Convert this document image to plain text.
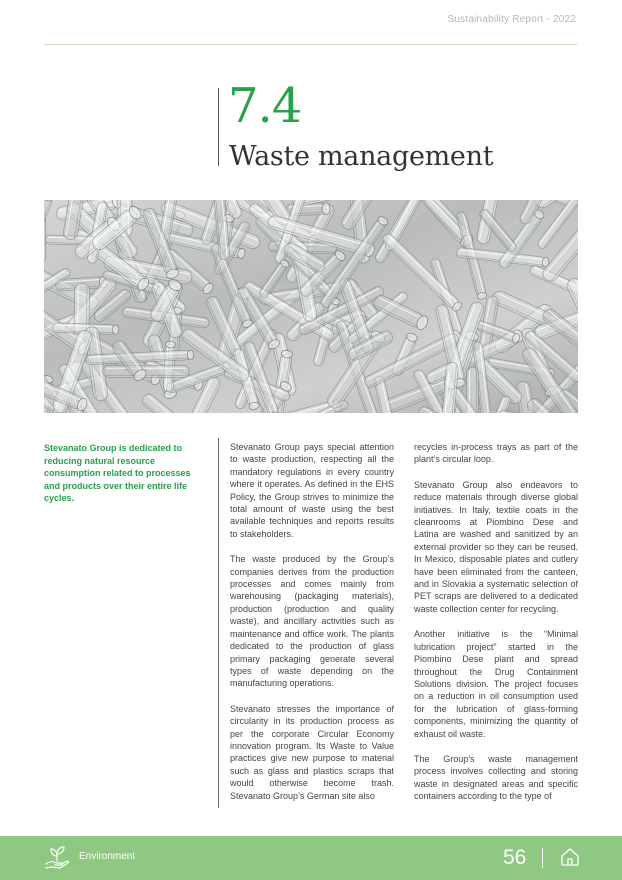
Sustainability Report - 2022
7.4
Waste management
Stevanato Group is dedicated to reducing natural resource consumption related to processes and products over their entire life cycles.

Stevanato Group pays special attention to waste production, respecting all the mandatory regulations in every country where it operates. As defined in the EHS Policy, the Group strives to minimize the total amount of waste using the best available techniques and reports results to stakeholders.

The waste produced by the Group’s companies derives from the production processes and comes mainly from warehousing (packaging materials), production (production and quality waste), and ancillary activities such as maintenance and office work. The plants dedicated to the production of glass primary packaging generate several types of waste depending on the manufacturing operations.

Stevanato stresses the importance of circularity in its production process as per the corporate Circular Economy innovation program. Its Waste to Value practices give new purpose to material such as glass and plastics scraps that would otherwise become trash. Stevanato Group’s German site also

recycles in-process trays as part of the plant’s circular loop.

Stevanato Group also endeavors to reduce materials through diverse global initiatives. In Italy, textile coats in the cleanrooms at Piombino Dese and Latina are washed and sanitized by an external provider so they can be reused. In Mexico, disposable plates and cutlery have been eliminated from the canteen, and in Slovakia a systematic selection of PET scraps are delivered to a dedicated waste collection center for recycling.

Another initiative is the “Minimal lubrication project” started in the Piombino Dese plant and spread throughout the Drug Containment Solutions division. The project focuses on a reduction in oil consumption used for the lubrication of glass-forming components, minimizing the quantity of exhaust oil waste.

The Group’s waste management process involves collecting and storing waste in designated areas and specific containers according to the type of

Environment	56
